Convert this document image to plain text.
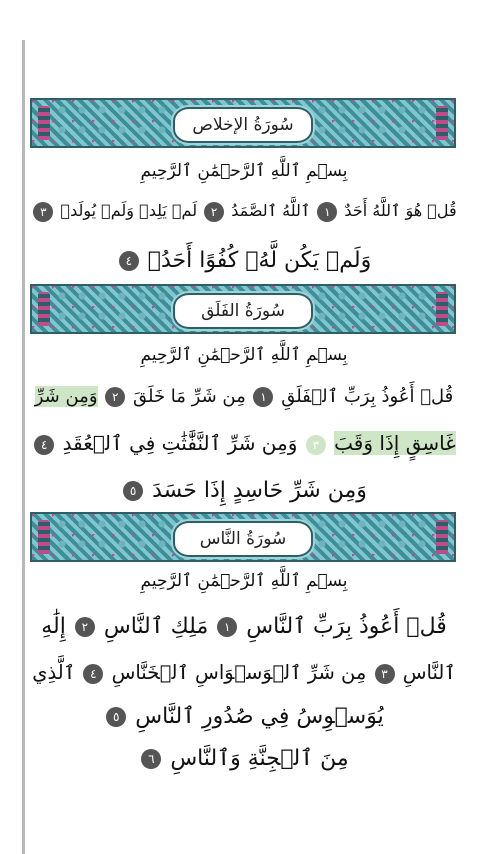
سُورَةُ الإخلاص
بِسۡمِ ٱللَّهِ ٱلرَّحۡمَٰنِ ٱلرَّحِيمِ
قُلۡ هُوَ ٱللَّهُ أَحَدٌ ١ ٱللَّهُ ٱلصَّمَدُ ٢ لَمۡ يَلِدۡ وَلَمۡ يُولَدۡ ٣
وَلَمۡ يَكُن لَّهُۥ كُفُوًا أَحَدُۢ ٤
سُورَةُ الفَلَق
بِسۡمِ ٱللَّهِ ٱلرَّحۡمَٰنِ ٱلرَّحِيمِ
قُلۡ أَعُوذُ بِرَبِّ ٱلۡفَلَقِ ١ مِن شَرِّ مَا خَلَقَ ٢ وَمِن شَرِّ
غَاسِقٍ إِذَا وَقَبَ ٣ وَمِن شَرِّ ٱلنَّفَّٰثَٰتِ فِي ٱلۡعُقَدِ ٤
وَمِن شَرِّ حَاسِدٍ إِذَا حَسَدَ ٥
سُورَةُ النَّاس
بِسۡمِ ٱللَّهِ ٱلرَّحۡمَٰنِ ٱلرَّحِيمِ
قُلۡ أَعُوذُ بِرَبِّ ٱلنَّاسِ ١ مَلِكِ ٱلنَّاسِ ٢ إِلَٰهِ
ٱلنَّاسِ ٣ مِن شَرِّ ٱلۡوَسۡوَاسِ ٱلۡخَنَّاسِ ٤ ٱلَّذِي
يُوَسۡوِسُ فِي صُدُورِ ٱلنَّاسِ ٥
مِنَ ٱلۡجِنَّةِ وَٱلنَّاسِ ٦
